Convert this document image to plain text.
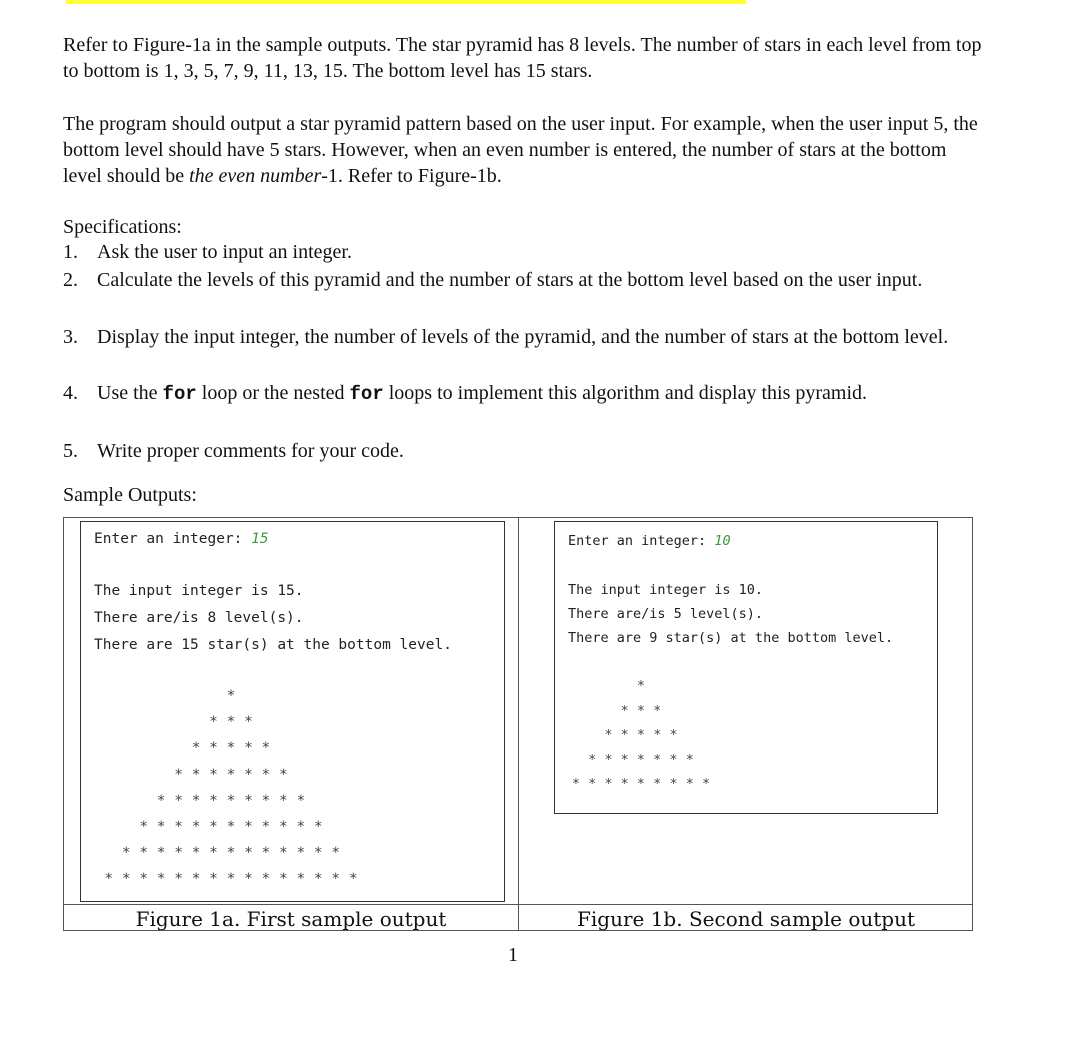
Refer to Figure-1a in the sample outputs. The star pyramid has 8 levels. The number of stars in each level from top to bottom is 1, 3, 5, 7, 9, 11, 13, 15. The bottom level has 15 stars.

The program should output a star pyramid pattern based on the user input. For example, when the user input 5, the bottom level should have 5 stars. However, when an even number is entered, the number of stars at the bottom level should be the even number-1. Refer to Figure-1b.

Specifications:
1. Ask the user to input an integer.
2. Calculate the levels of this pyramid and the number of stars at the bottom level based on the user input.
3. Display the input integer, the number of levels of the pyramid, and the number of stars at the bottom level.
4. Use the for loop or the nested for loops to implement this algorithm and display this pyramid.
5. Write proper comments for your code.
Sample Outputs:
Enter an integer: 15
The input integer is 15.
There are/is 8 level(s).
There are 15 star(s) at the bottom level.
*
* * *
* * * * *
* * * * * * *
* * * * * * * * *
* * * * * * * * * * *
* * * * * * * * * * * * *
* * * * * * * * * * * * * * *
Enter an integer: 10
The input integer is 10.
There are/is 5 level(s).
There are 9 star(s) at the bottom level.
*
* * *
* * * * *
* * * * * * *
* * * * * * * * *
Figure 1a. First sample output	Figure 1b. Second sample output
1
